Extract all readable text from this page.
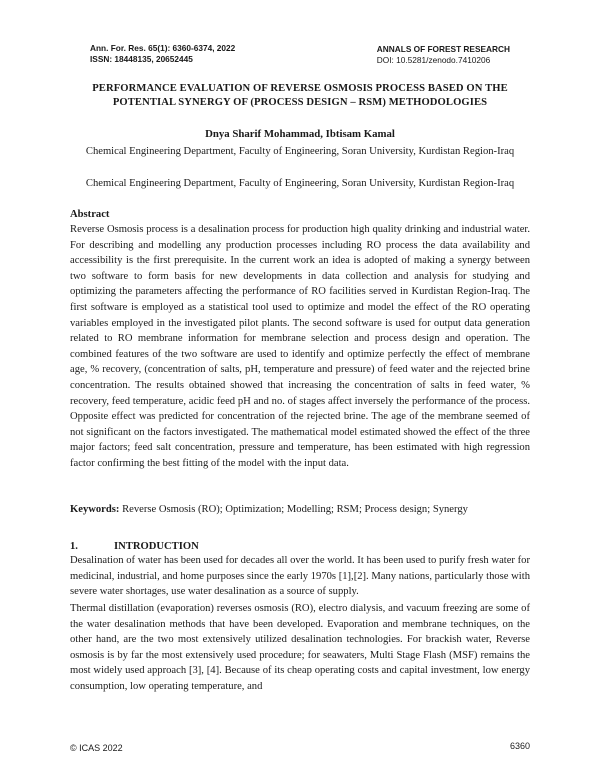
Ann. For. Res. 65(1): 6360-6374, 2022
ISSN: 18448135, 20652445
ANNALS OF FOREST RESEARCH
DOI: 10.5281/zenodo.7410206
PERFORMANCE EVALUATION OF REVERSE OSMOSIS PROCESS BASED ON THE POTENTIAL SYNERGY OF (PROCESS DESIGN – RSM) METHODOLOGIES
Dnya Sharif Mohammad, Ibtisam Kamal
Chemical Engineering Department, Faculty of Engineering, Soran University, Kurdistan Region-Iraq
Chemical Engineering Department, Faculty of Engineering, Soran University, Kurdistan Region-Iraq
Abstract
Reverse Osmosis process is a desalination process for production high quality drinking and industrial water. For describing and modelling any production processes including RO process the data availability and accessibility is the first prerequisite. In the current work an idea is adopted of making a synergy between two software to form basis for new developments in data collection and analysis for studying and optimizing the parameters affecting the performance of RO facilities served in Kurdistan Region-Iraq. The first software is employed as a statistical tool used to optimize and model the effect of the RO operating variables employed in the investigated pilot plants. The second software is used for output data generation related to RO membrane information for membrane selection and process design and operation. The combined features of the two software are used to identify and optimize perfectly the effect of membrane age, % recovery, (concentration of salts, pH, temperature and pressure) of feed water and the rejected brine concentration. The results obtained showed that increasing the concentration of salts in feed water, % recovery, feed temperature, acidic feed pH and no. of stages affect inversely the performance of the process. Opposite effect was predicted for concentration of the rejected brine. The age of the membrane seemed of not significant on the factors investigated. The mathematical model estimated showed the effect of the three major factors; feed salt concentration, pressure and temperature, has been estimated with high regression factor confirming the best fitting of the model with the input data.
Keywords: Reverse Osmosis (RO); Optimization; Modelling; RSM; Process design; Synergy
1.	INTRODUCTION
Desalination of water has been used for decades all over the world. It has been used to purify fresh water for medicinal, industrial, and home purposes since the early 1970s [1],[2]. Many nations, particularly those with severe water shortages, use water desalination as a source of supply.
Thermal distillation (evaporation) reverses osmosis (RO), electro dialysis, and vacuum freezing are some of the water desalination methods that have been developed. Evaporation and membrane techniques, on the other hand, are the two most extensively utilized desalination technologies. For brackish water, Reverse osmosis is by far the most extensively used procedure; for seawaters, Multi Stage Flash (MSF) remains the most widely used approach [3], [4]. Because of its cheap operating costs and capital investment, low energy consumption, low operating temperature, and
© ICAS 2022	6360
